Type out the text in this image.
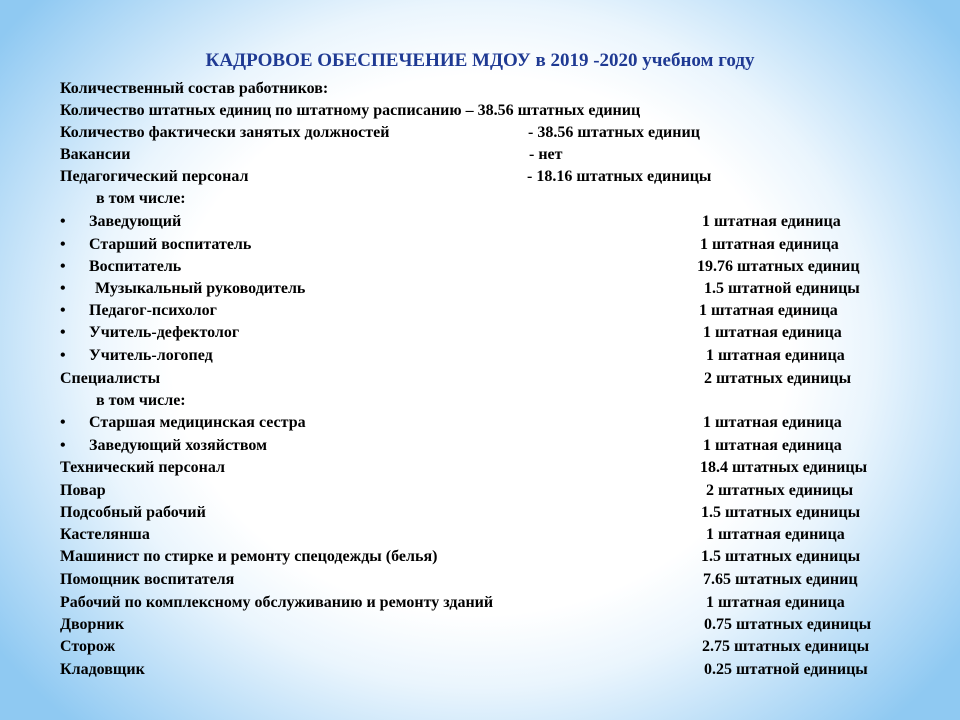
КАДРОВОЕ ОБЕСПЕЧЕНИЕ МДОУ в 2019 -2020 учебном году
Количественный состав работников:
Количество штатных единиц по штатному расписанию – 38.56 штатных единиц
Количество фактически занятых должностей	- 38.56 штатных единиц
Вакансии	- нет
Педагогический персонал	- 18.16 штатных единицы
в том числе:
• Заведующий	1 штатная единица
• Старший воспитатель	1 штатная единица
• Воспитатель	19.76 штатных единиц
• Музыкальный руководитель	1.5 штатной единицы
• Педагог-психолог	1 штатная единица
• Учитель-дефектолог	1 штатная единица
• Учитель-логопед	1 штатная единица
Специалисты	2 штатных единицы
в том числе:
• Старшая медицинская сестра	1 штатная единица
• Заведующий хозяйством	1 штатная единица
Технический персонал	18.4 штатных единицы
Повар	2 штатных единицы
Подсобный рабочий	1.5 штатных единицы
Кастелянша	1 штатная единица
Машинист по стирке и ремонту спецодежды (белья)	1.5 штатных единицы
Помощник воспитателя	7.65 штатных единиц
Рабочий по комплексному обслуживанию и ремонту зданий	1 штатная единица
Дворник	0.75 штатных единицы
Сторож	2.75 штатных единицы
Кладовщик	0.25 штатной единицы
